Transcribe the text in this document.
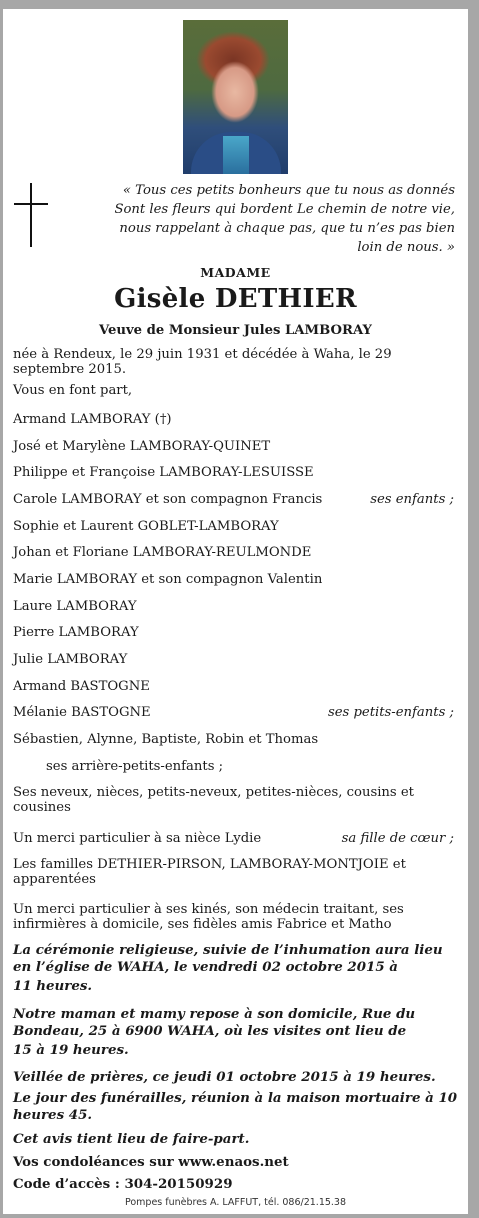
« Tous ces petits bonheurs que tu nous as donnés
Sont les fleurs qui bordent Le chemin de notre vie,
nous rappelant à chaque pas, que tu n’es pas bien
loin de nous. »
MADAME
Gisèle DETHIER
Veuve de Monsieur Jules LAMBORAY
née à Rendeux, le 29 juin 1931 et décédée à Waha, le 29 septembre 2015.
Vous en font part,
Armand LAMBORAY (†)
José et Marylène LAMBORAY-QUINET
Philippe et Françoise LAMBORAY-LESUISSE
Carole LAMBORAY et son compagnon Francis	ses enfants ;
Sophie et Laurent GOBLET-LAMBORAY
Johan et Floriane LAMBORAY-REULMONDE
Marie LAMBORAY et son compagnon Valentin
Laure LAMBORAY
Pierre LAMBORAY
Julie LAMBORAY
Armand BASTOGNE
Mélanie BASTOGNE	ses petits-enfants ;
Sébastien, Alynne, Baptiste, Robin et Thomas
ses arrière-petits-enfants ;
Ses neveux, nièces, petits-neveux, petites-nièces, cousins et cousines
Un merci particulier à sa nièce Lydie	sa fille de cœur ;
Les familles DETHIER-PIRSON, LAMBORAY-MONTJOIE et apparentées
Un merci particulier à ses kinés, son médecin traitant, ses infirmières à domicile, ses fidèles amis Fabrice et Matho
La cérémonie religieuse, suivie de l’inhumation aura lieu en l’église de WAHA, le vendredi 02 octobre 2015 à
11 heures.
Notre maman et mamy repose à son domicile, Rue du Bondeau, 25 à 6900 WAHA, où les visites ont lieu de
15 à 19 heures.
Veillée de prières, ce jeudi 01 octobre 2015 à 19 heures.
Le jour des funérailles, réunion à la maison mortuaire à 10 heures 45.
Cet avis tient lieu de faire-part.
Vos condoléances sur www.enaos.net
Code d’accès : 304-20150929
Pompes funèbres A. LAFFUT, tél. 086/21.15.38
